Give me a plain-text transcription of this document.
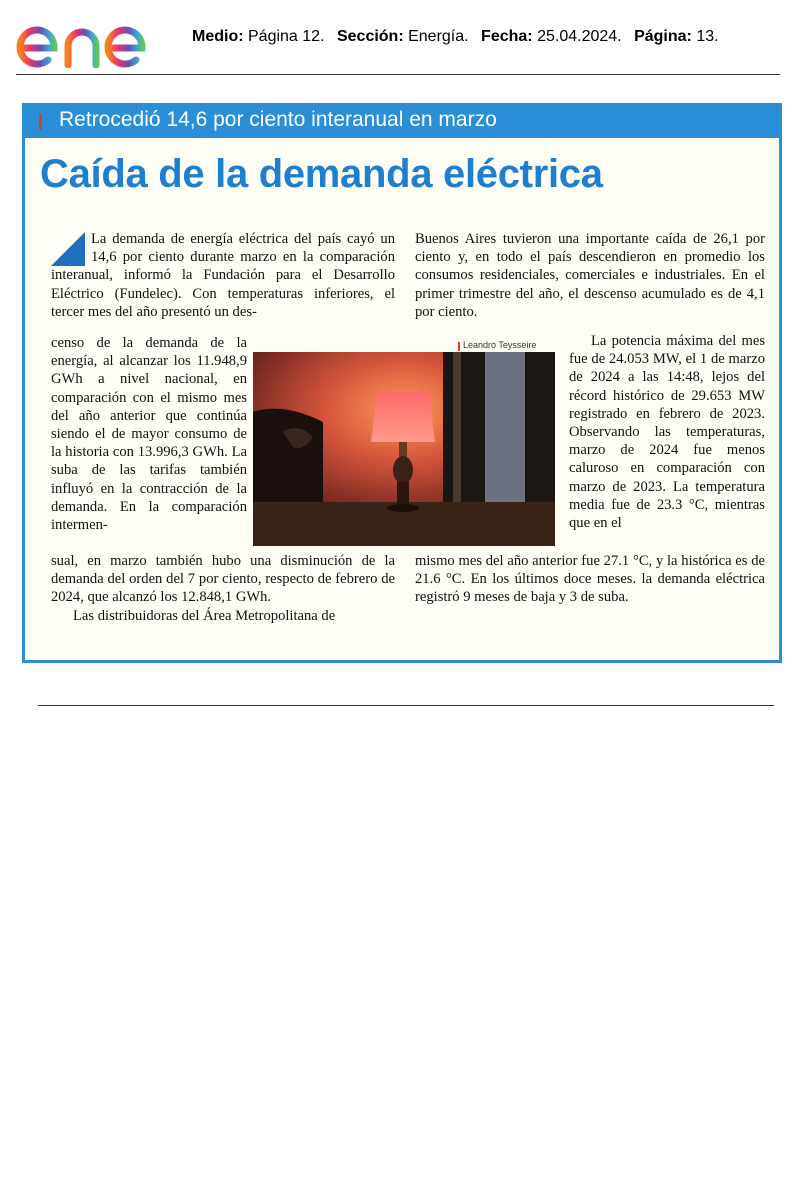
Medio: Página 12. Sección: Energía. Fecha: 25.04.2024. Página: 13.
Retrocedió 14,6 por ciento interanual en marzo
Caída de la demanda eléctrica

La demanda de energía eléctrica del país cayó un 14,6 por ciento durante marzo en la comparación interanual, informó la Fundación para el Desarrollo Eléctrico (Fundelec). Con temperaturas inferiores, el tercer mes del año presentó un des-

censo de la demanda de la energía, al alcanzar los 11.948,9 GWh a nivel nacional, en comparación con el mismo mes del año anterior que continúa siendo el de mayor consumo de la historia con 13.996,3 GWh. La suba de las tarifas también influyó en la contracción de la demanda. En la comparación intermen-

sual, en marzo también hubo una disminución de la demanda del orden del 7 por ciento, respecto de febrero de 2024, que alcanzó los 12.848,1 GWh.

Las distribuidoras del Área Metropolitana de

Buenos Aires tuvieron una importante caída de 26,1 por ciento y, en todo el país descendieron en promedio los consumos residenciales, comerciales e industriales. En el primer trimestre del año, el descenso acumulado es de 4,1 por ciento.

Leandro Teysseire	La potencia máxima del mes fue de 24.053 MW, el 1 de marzo de 2024 a las 14:48, lejos del récord histórico de 29.653 MW registrado en febrero de 2023. Observando las temperaturas, marzo de 2024 fue menos caluroso en comparación con marzo de 2023. La temperatura media fue de 23.3 °C, mientras que en el

mismo mes del año anterior fue 27.1 °C, y la histórica es de 21.6 °C. En los últimos doce meses. la demanda eléctrica registró 9 meses de baja y 3 de suba.
